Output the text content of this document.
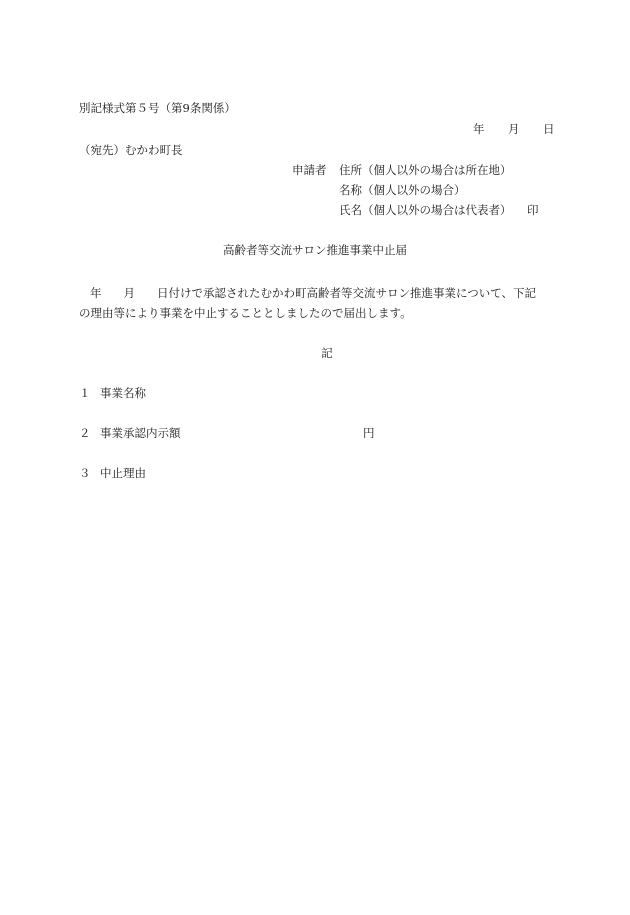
別記様式第５号（第9条関係）
年 月 日
（宛先）むかわ町長
申請者 住所（個人以外の場合は所在地）
名称（個人以外の場合）
氏名（個人以外の場合は代表者） 印
高齢者等交流サロン推進事業中止届
年 月 日付けで承認されたむかわ町高齢者等交流サロン推進事業について、下記
の理由等により事業を中止することとしましたので届出します。
記
１ 事業名称
２ 事業承認内示額	円
３ 中止理由
